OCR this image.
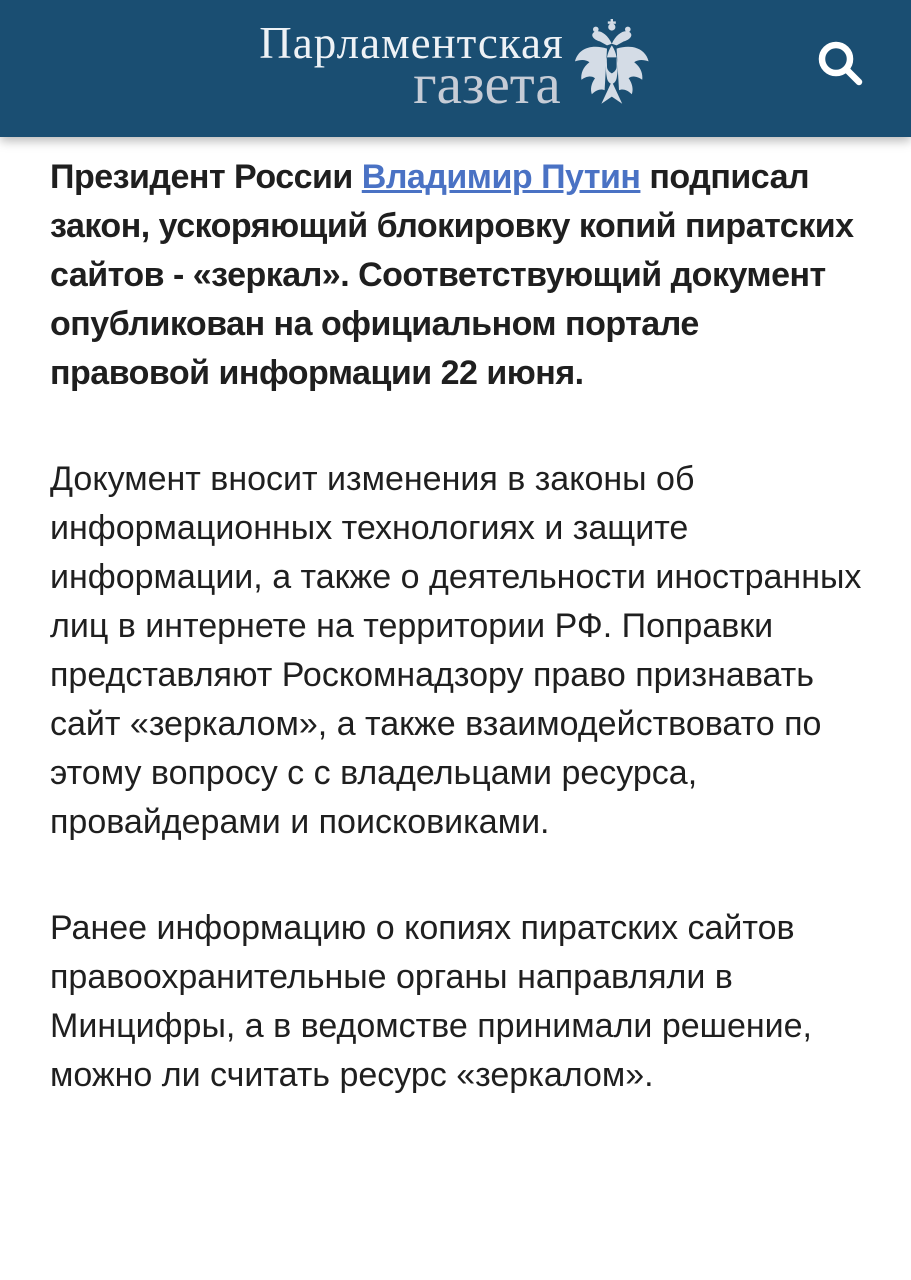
Парламентская
газета

Президент России Владимир Путин подписал закон, ускоряющий блокировку копий пиратских сайтов - «зеркал». Соответствующий документ опубликован на официальном портале правовой информации 22 июня.

Документ вносит изменения в законы об информационных технологиях и защите информации, а также о деятельности иностранных лиц в интернете на территории РФ. Поправки представляют Роскомнадзору право признавать сайт «зеркалом», а также взаимодействовато по этому вопросу с с владельцами ресурса, провайдерами и поисковиками.

Ранее информацию о копиях пиратских сайтов правоохранительные органы направляли в Минцифры, а в ведомстве принимали решение, можно ли считать ресурс «зеркалом».
